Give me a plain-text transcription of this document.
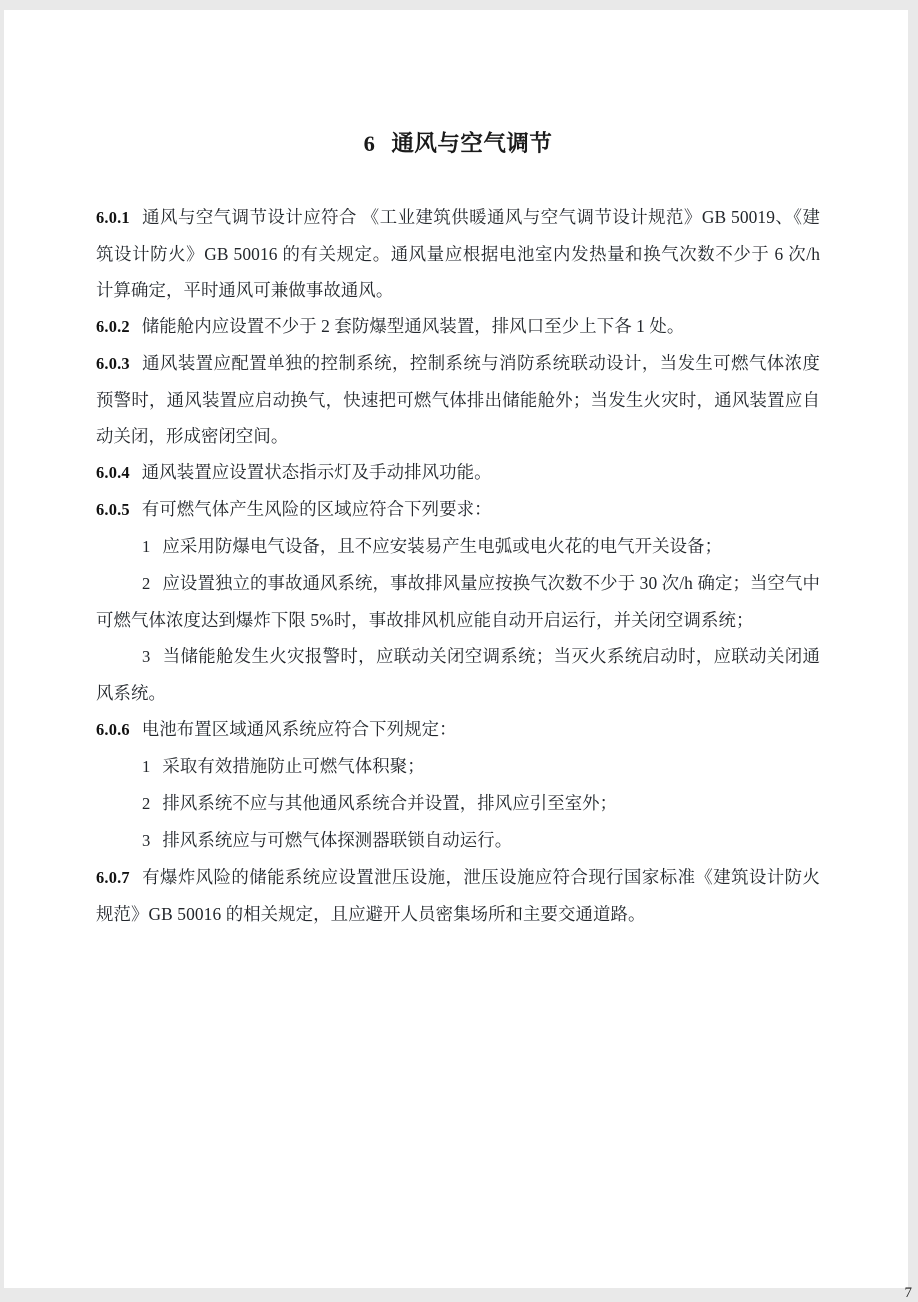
6 通风与空气调节

6.0.1 通风与空气调节设计应符合 《工业建筑供暖通风与空气调节设计规范》GB 50019、《建筑设计防火》GB 50016 的有关规定。通风量应根据电池室内发热量和换气次数不少于 6 次/h 计算确定，平时通风可兼做事故通风。

6.0.2 储能舱内应设置不少于 2 套防爆型通风装置，排风口至少上下各 1 处。

6.0.3 通风装置应配置单独的控制系统，控制系统与消防系统联动设计，当发生可燃气体浓度预警时，通风装置应启动换气，快速把可燃气体排出储能舱外；当发生火灾时，通风装置应自动关闭，形成密闭空间。

6.0.4 通风装置应设置状态指示灯及手动排风功能。

6.0.5 有可燃气体产生风险的区域应符合下列要求：

1 应采用防爆电气设备，且不应安装易产生电弧或电火花的电气开关设备；

2 应设置独立的事故通风系统，事故排风量应按换气次数不少于 30 次/h 确定；当空气中可燃气体浓度达到爆炸下限 5%时，事故排风机应能自动开启运行，并关闭空调系统；

3 当储能舱发生火灾报警时，应联动关闭空调系统；当灭火系统启动时，应联动关闭通风系统。

6.0.6 电池布置区域通风系统应符合下列规定：

1 采取有效措施防止可燃气体积聚；

2 排风系统不应与其他通风系统合并设置，排风应引至室外；

3 排风系统应与可燃气体探测器联锁自动运行。

6.0.7 有爆炸风险的储能系统应设置泄压设施，泄压设施应符合现行国家标准《建筑设计防火规范》GB 50016 的相关规定，且应避开人员密集场所和主要交通道路。

7
